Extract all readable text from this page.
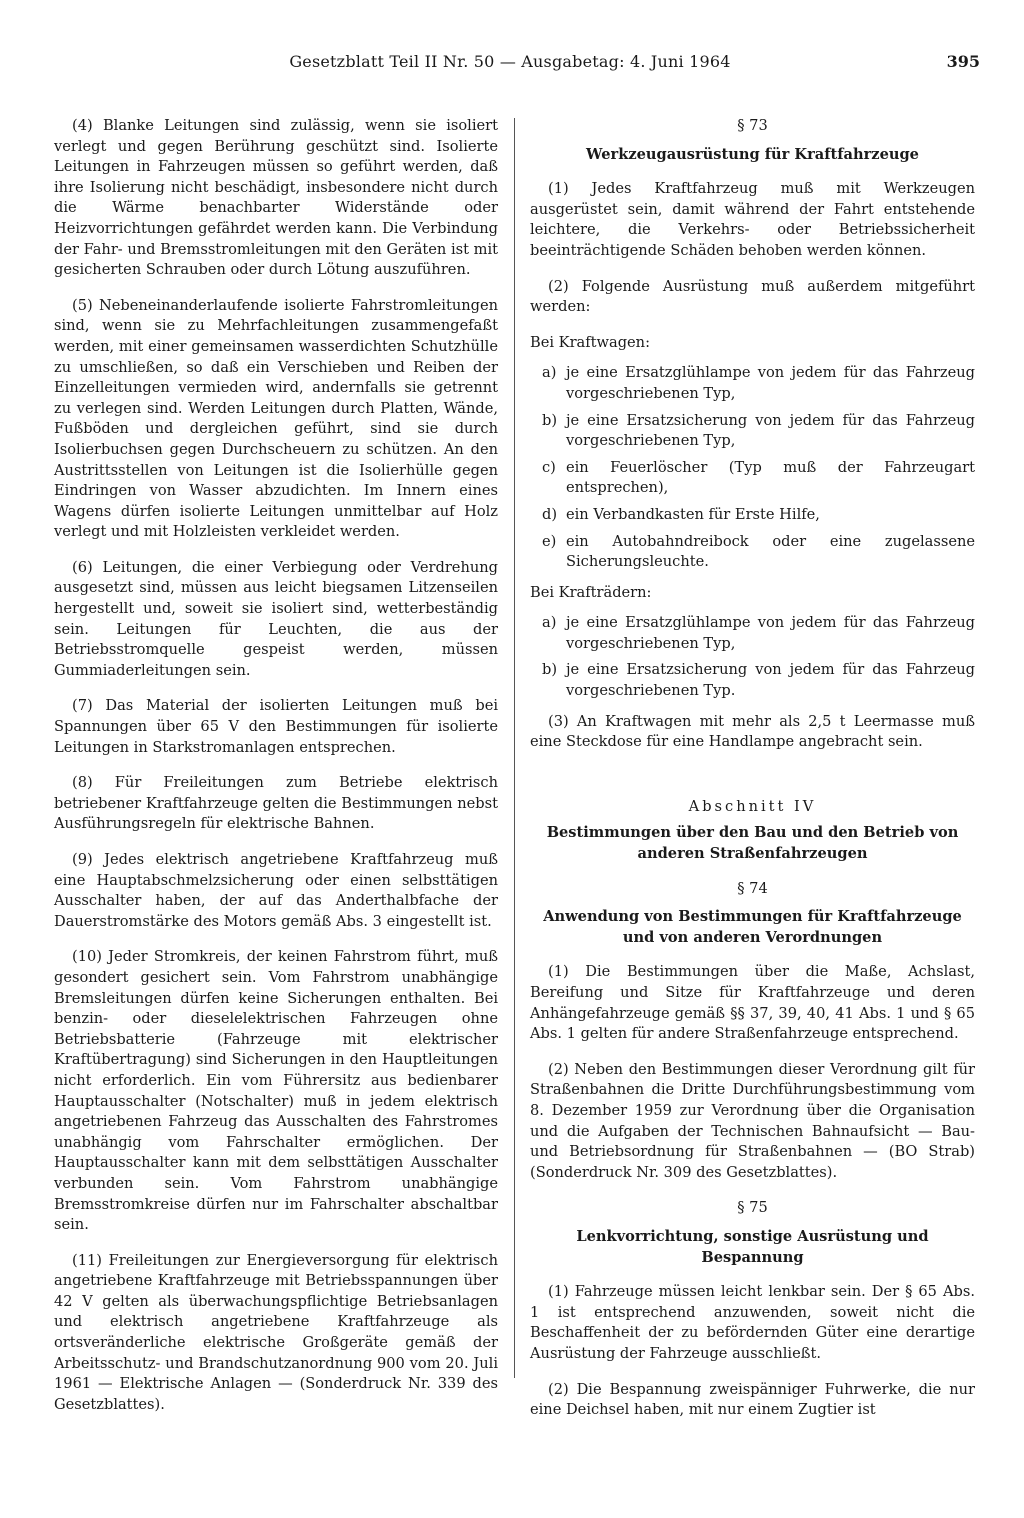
Gesetzblatt Teil II Nr. 50 — Ausgabetag: 4. Juni 1964	395

(4) Blanke Leitungen sind zulässig, wenn sie isoliert verlegt und gegen Berührung geschützt sind. Isolierte Leitungen in Fahrzeugen müssen so geführt werden, daß ihre Isolierung nicht beschädigt, insbesondere nicht durch die Wärme benachbarter Widerstände oder Heizvorrichtungen gefährdet werden kann. Die Verbindung der Fahr- und Bremsstromleitungen mit den Geräten ist mit gesicherten Schrauben oder durch Lötung auszuführen.

(5) Nebeneinanderlaufende isolierte Fahrstromleitungen sind, wenn sie zu Mehrfachleitungen zusammengefaßt werden, mit einer gemeinsamen wasserdichten Schutzhülle zu umschließen, so daß ein Verschieben und Reiben der Einzelleitungen vermieden wird, andernfalls sie getrennt zu verlegen sind. Werden Leitungen durch Platten, Wände, Fußböden und dergleichen geführt, sind sie durch Isolierbuchsen gegen Durchscheuern zu schützen. An den Austrittsstellen von Leitungen ist die Isolierhülle gegen Eindringen von Wasser abzudichten. Im Innern eines Wagens dürfen isolierte Leitungen unmittelbar auf Holz verlegt und mit Holzleisten verkleidet werden.

(6) Leitungen, die einer Verbiegung oder Verdrehung ausgesetzt sind, müssen aus leicht biegsamen Litzenseilen hergestellt und, soweit sie isoliert sind, wetterbeständig sein. Leitungen für Leuchten, die aus der Betriebsstromquelle gespeist werden, müssen Gummiaderleitungen sein.

(7) Das Material der isolierten Leitungen muß bei Spannungen über 65 V den Bestimmungen für isolierte Leitungen in Starkstromanlagen entsprechen.

(8) Für Freileitungen zum Betriebe elektrisch betriebener Kraftfahrzeuge gelten die Bestimmungen nebst Ausführungsregeln für elektrische Bahnen.

(9) Jedes elektrisch angetriebene Kraftfahrzeug muß eine Hauptabschmelzsicherung oder einen selbsttätigen Ausschalter haben, der auf das Anderthalbfache der Dauerstromstärke des Motors gemäß Abs. 3 eingestellt ist.

(10) Jeder Stromkreis, der keinen Fahrstrom führt, muß gesondert gesichert sein. Vom Fahrstrom unabhängige Bremsleitungen dürfen keine Sicherungen enthalten. Bei benzin- oder dieselelektrischen Fahrzeugen ohne Betriebsbatterie (Fahrzeuge mit elektrischer Kraftübertragung) sind Sicherungen in den Hauptleitungen nicht erforderlich. Ein vom Führersitz aus bedienbarer Hauptausschalter (Notschalter) muß in jedem elektrisch angetriebenen Fahrzeug das Ausschalten des Fahrstromes unabhängig vom Fahrschalter ermöglichen. Der Hauptausschalter kann mit dem selbsttätigen Ausschalter verbunden sein. Vom Fahrstrom unabhängige Bremsstromkreise dürfen nur im Fahrschalter abschaltbar sein.

(11) Freileitungen zur Energieversorgung für elektrisch angetriebene Kraftfahrzeuge mit Betriebsspannungen über 42 V gelten als überwachungspflichtige Betriebsanlagen und elektrisch angetriebene Kraftfahrzeuge als ortsveränderliche elektrische Großgeräte gemäß der Arbeitsschutz- und Brandschutzanordnung 900 vom 20. Juli 1961 — Elektrische Anlagen — (Sonderdruck Nr. 339 des Gesetzblattes).

§ 73
Werkzeugausrüstung für Kraftfahrzeuge

(1) Jedes Kraftfahrzeug muß mit Werkzeugen ausgerüstet sein, damit während der Fahrt entstehende leichtere, die Verkehrs- oder Betriebssicherheit beeinträchtigende Schäden behoben werden können.

(2) Folgende Ausrüstung muß außerdem mitgeführt werden:

Bei Kraftwagen:
a) je eine Ersatzglühlampe von jedem für das Fahrzeug vorgeschriebenen Typ,
b) je eine Ersatzsicherung von jedem für das Fahrzeug vorgeschriebenen Typ,
c) ein Feuerlöscher (Typ muß der Fahrzeugart entsprechen),
d) ein Verbandkasten für Erste Hilfe,
e) ein Autobahndreibock oder eine zugelassene Sicherungsleuchte.
Bei Krafträdern:
a) je eine Ersatzglühlampe von jedem für das Fahrzeug vorgeschriebenen Typ,
b) je eine Ersatzsicherung von jedem für das Fahrzeug vorgeschriebenen Typ.

(3) An Kraftwagen mit mehr als 2,5 t Leermasse muß eine Steckdose für eine Handlampe angebracht sein.

Abschnitt IV
Bestimmungen über den Bau und den Betrieb von anderen Straßenfahrzeugen
§ 74
Anwendung von Bestimmungen für Kraftfahrzeuge und von anderen Verordnungen

(1) Die Bestimmungen über die Maße, Achslast, Bereifung und Sitze für Kraftfahrzeuge und deren Anhängefahrzeuge gemäß §§ 37, 39, 40, 41 Abs. 1 und § 65 Abs. 1 gelten für andere Straßenfahrzeuge entsprechend.

(2) Neben den Bestimmungen dieser Verordnung gilt für Straßenbahnen die Dritte Durchführungsbestimmung vom 8. Dezember 1959 zur Verordnung über die Organisation und die Aufgaben der Technischen Bahnaufsicht — Bau- und Betriebsordnung für Straßenbahnen — (BO Strab) (Sonderdruck Nr. 309 des Gesetzblattes).

§ 75
Lenkvorrichtung, sonstige Ausrüstung und Bespannung

(1) Fahrzeuge müssen leicht lenkbar sein. Der § 65 Abs. 1 ist entsprechend anzuwenden, soweit nicht die Beschaffenheit der zu befördernden Güter eine derartige Ausrüstung der Fahrzeuge ausschließt.

(2) Die Bespannung zweispänniger Fuhrwerke, die nur eine Deichsel haben, mit nur einem Zugtier ist
